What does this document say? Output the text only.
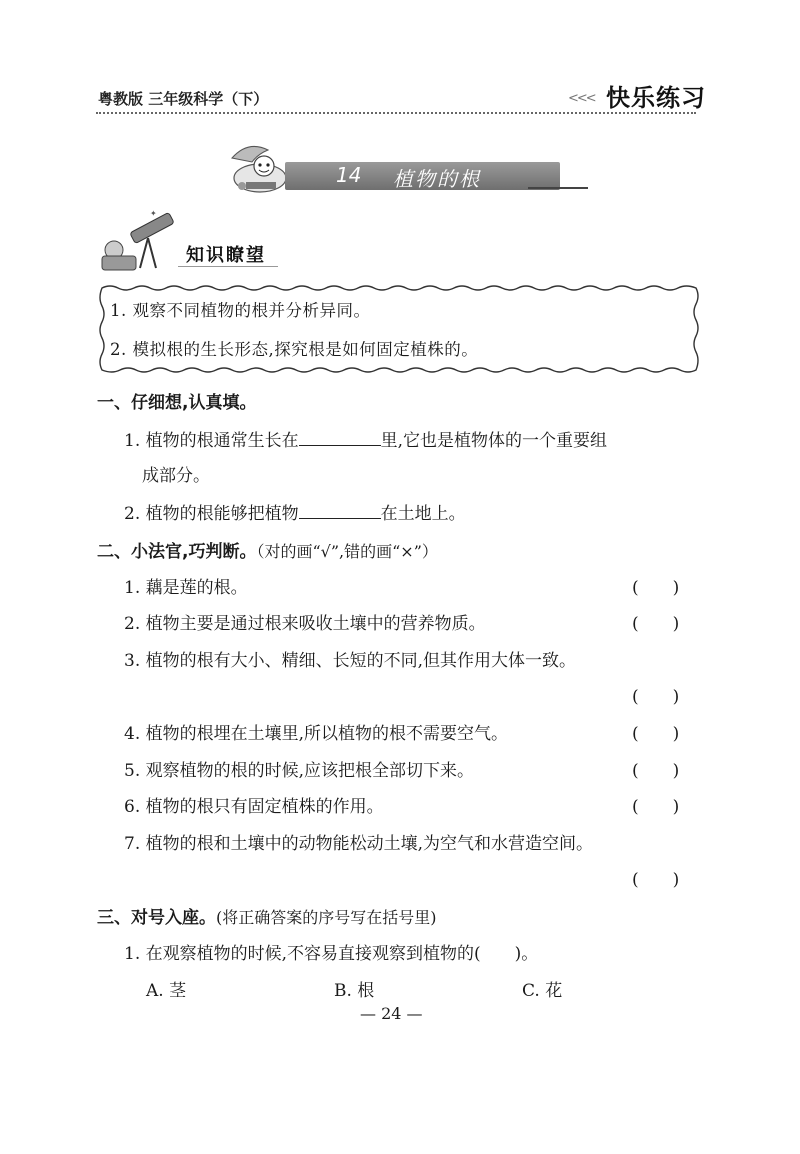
粤教版 三年级科学（下）	<<< 快乐练习
14 植物的根
✦
知识瞭望
1. 观察不同植物的根并分析异同。
2. 模拟根的生长形态,探究根是如何固定植株的。
一、仔细想,认真填。
1. 植物的根通常生长在	里,它也是植物体的一个重要组
成部分。
2. 植物的根能够把植物	在土地上。
二、小法官,巧判断。（对的画“√”,错的画“×”）
1. 藕是莲的根。	(　　)
2. 植物主要是通过根来吸收土壤中的营养物质。	(　　)
3. 植物的根有大小、精细、长短的不同,但其作用大体一致。
(　　)
4. 植物的根埋在土壤里,所以植物的根不需要空气。	(　　)
5. 观察植物的根的时候,应该把根全部切下来。	(　　)
6. 植物的根只有固定植株的作用。	(　　)
7. 植物的根和土壤中的动物能松动土壤,为空气和水营造空间。
(　　)
三、对号入座。(将正确答案的序号写在括号里)
1. 在观察植物的时候,不容易直接观察到植物的(　　)。
A. 茎	B. 根	C. 花
— 24 —
